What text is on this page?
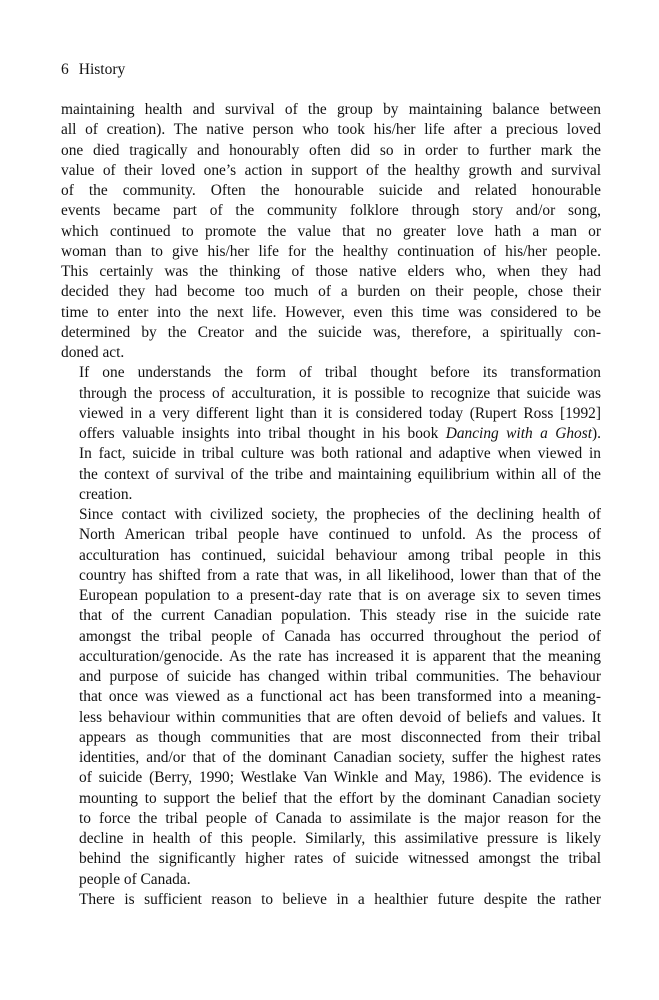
6 History

maintaining health and survival of the group by maintaining balance between
all of creation). The native person who took his/her life after a precious loved
one died tragically and honourably often did so in order to further mark the
value of their loved one’s action in support of the healthy growth and survival
of the community. Often the honourable suicide and related honourable
events became part of the community folklore through story and/or song,
which continued to promote the value that no greater love hath a man or
woman than to give his/her life for the healthy continuation of his/her people.
This certainly was the thinking of those native elders who, when they had
decided they had become too much of a burden on their people, chose their
time to enter into the next life. However, even this time was considered to be
determined by the Creator and the suicide was, therefore, a spiritually con-
doned act.

If one understands the form of tribal thought before its transformation
through the process of acculturation, it is possible to recognize that suicide was
viewed in a very different light than it is considered today (Rupert Ross [1992]
offers valuable insights into tribal thought in his book Dancing with a Ghost).
In fact, suicide in tribal culture was both rational and adaptive when viewed in
the context of survival of the tribe and maintaining equilibrium within all of the
creation.

Since contact with civilized society, the prophecies of the declining health of
North American tribal people have continued to unfold. As the process of
acculturation has continued, suicidal behaviour among tribal people in this
country has shifted from a rate that was, in all likelihood, lower than that of the
European population to a present-day rate that is on average six to seven times
that of the current Canadian population. This steady rise in the suicide rate
amongst the tribal people of Canada has occurred throughout the period of
acculturation/genocide. As the rate has increased it is apparent that the meaning
and purpose of suicide has changed within tribal communities. The behaviour
that once was viewed as a functional act has been transformed into a meaning-
less behaviour within communities that are often devoid of beliefs and values. It
appears as though communities that are most disconnected from their tribal
identities, and/or that of the dominant Canadian society, suffer the highest rates
of suicide (Berry, 1990; Westlake Van Winkle and May, 1986). The evidence is
mounting to support the belief that the effort by the dominant Canadian society
to force the tribal people of Canada to assimilate is the major reason for the
decline in health of this people. Similarly, this assimilative pressure is likely
behind the significantly higher rates of suicide witnessed amongst the tribal
people of Canada.

There is sufficient reason to believe in a healthier future despite the rather
